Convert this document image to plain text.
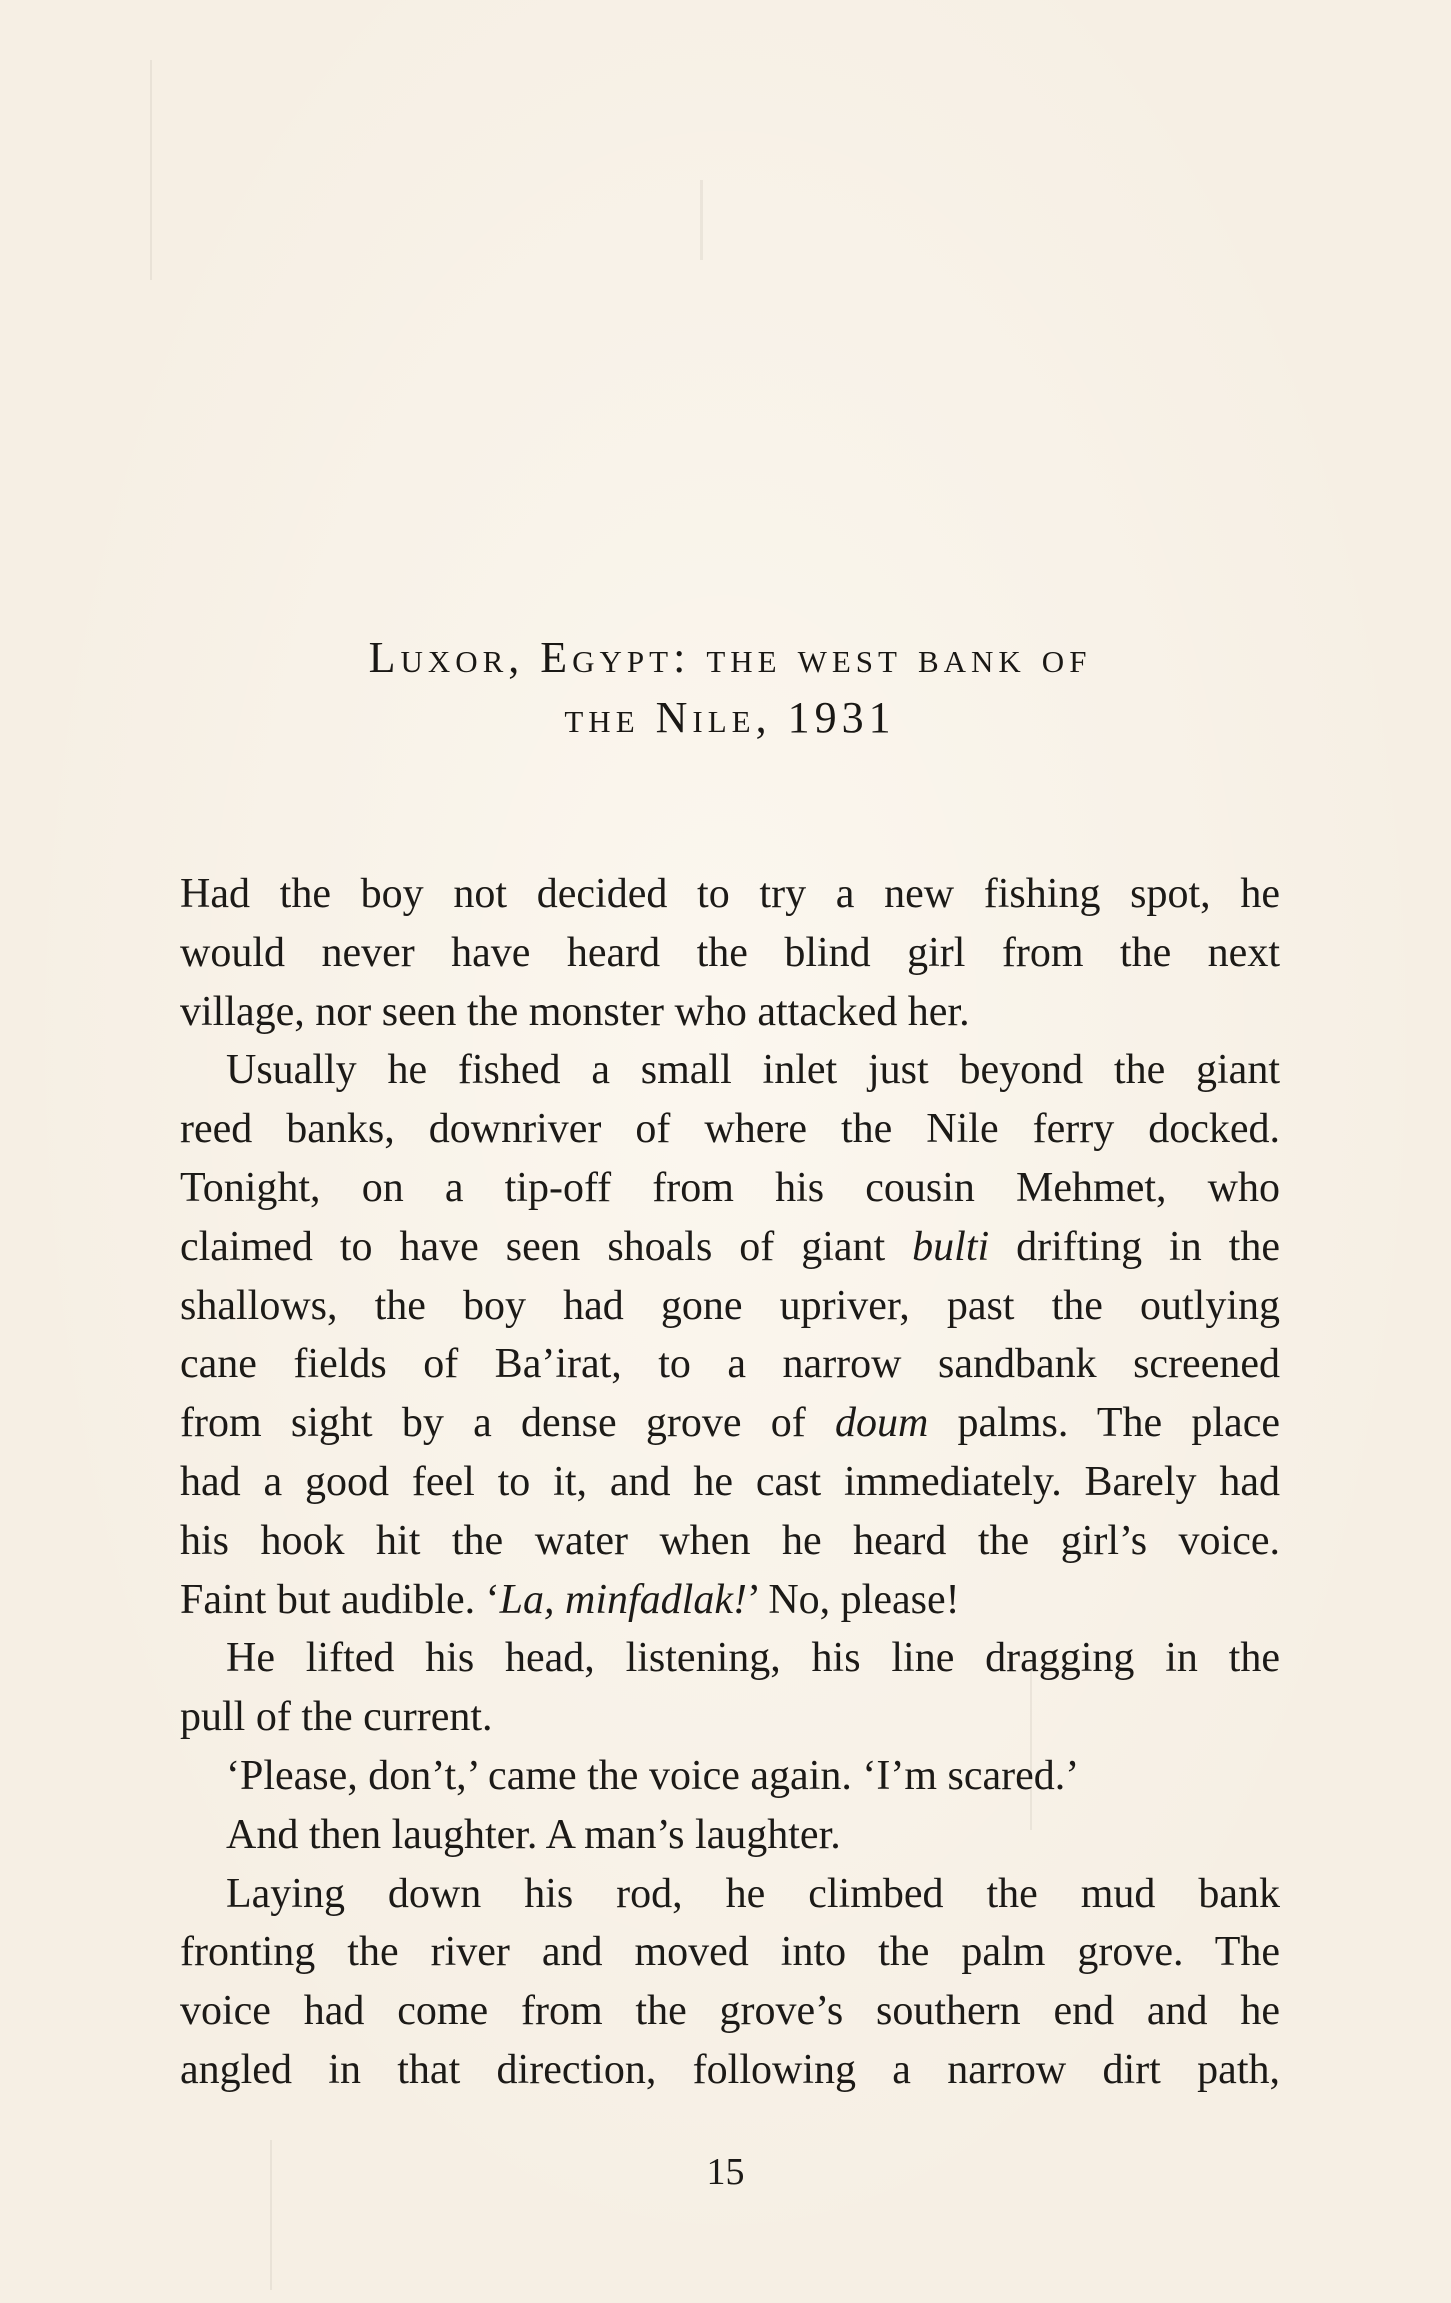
Luxor, Egypt: the west bank of
the Nile, 1931
Had the boy not decided to try a new fishing spot, he
would never have heard the blind girl from the next
village, nor seen the monster who attacked her.
Usually he fished a small inlet just beyond the giant
reed banks, downriver of where the Nile ferry docked.
Tonight, on a tip-off from his cousin Mehmet, who
claimed to have seen shoals of giant bulti drifting in the
shallows, the boy had gone upriver, past the outlying
cane fields of Ba’irat, to a narrow sandbank screened
from sight by a dense grove of doum palms. The place
had a good feel to it, and he cast immediately. Barely had
his hook hit the water when he heard the girl’s voice.
Faint but audible. ‘La, minfadlak!’ No, please!
He lifted his head, listening, his line dragging in the
pull of the current.
‘Please, don’t,’ came the voice again. ‘I’m scared.’
And then laughter. A man’s laughter.
Laying down his rod, he climbed the mud bank
fronting the river and moved into the palm grove. The
voice had come from the grove’s southern end and he
angled in that direction, following a narrow dirt path,
15
